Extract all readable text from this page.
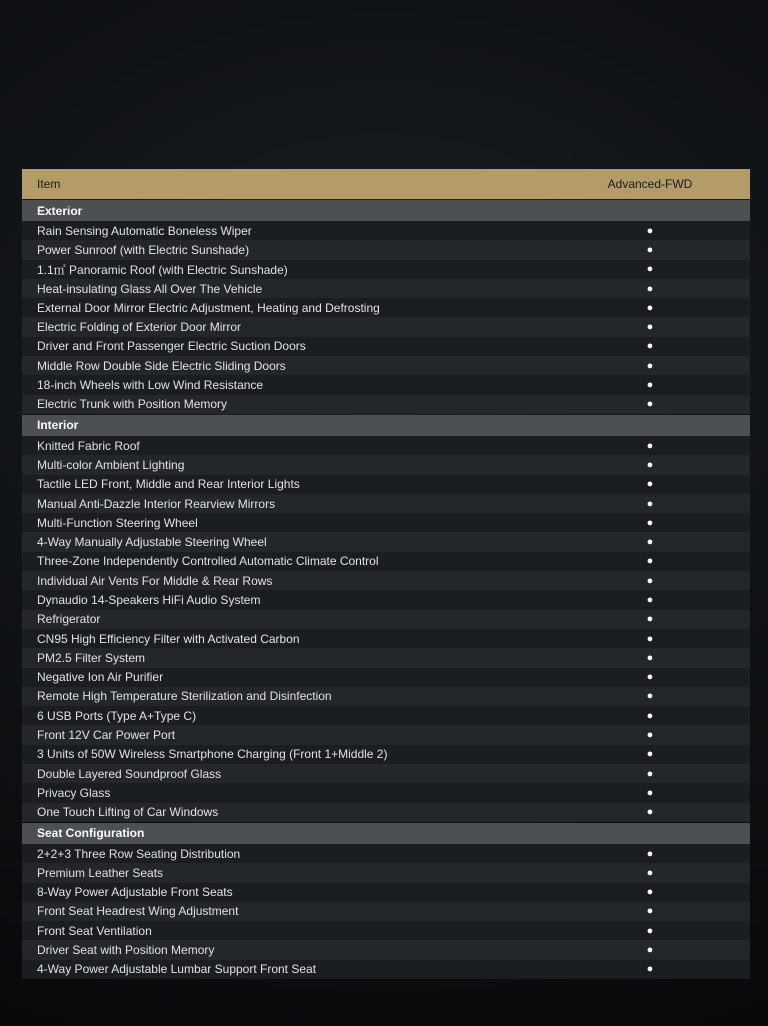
Item	Advanced-FWD
Exterior
Rain Sensing Automatic Boneless Wiper	●
Power Sunroof (with Electric Sunshade)	●
1.1㎡ Panoramic Roof (with Electric Sunshade)	●
Heat-insulating Glass All Over The Vehicle	●
External Door Mirror Electric Adjustment, Heating and Defrosting	●
Electric Folding of Exterior Door Mirror	●
Driver and Front Passenger Electric Suction Doors	●
Middle Row Double Side Electric Sliding Doors	●
18-inch Wheels with Low Wind Resistance	●
Electric Trunk with Position Memory	●
Interior
Knitted Fabric Roof	●
Multi-color Ambient Lighting	●
Tactile LED Front, Middle and Rear Interior Lights	●
Manual Anti-Dazzle Interior Rearview Mirrors	●
Multi-Function Steering Wheel	●
4-Way Manually Adjustable Steering Wheel	●
Three-Zone Independently Controlled Automatic Climate Control	●
Individual Air Vents For Middle & Rear Rows	●
Dynaudio 14-Speakers HiFi Audio System	●
Refrigerator	●
CN95 High Efficiency Filter with Activated Carbon	●
PM2.5 Filter System	●
Negative Ion Air Purifier	●
Remote High Temperature Sterilization and Disinfection	●
6 USB Ports (Type A+Type C)	●
Front 12V Car Power Port	●
3 Units of 50W Wireless Smartphone Charging (Front 1+Middle 2)	●
Double Layered Soundproof Glass	●
Privacy Glass	●
One Touch Lifting of Car Windows	●
Seat Configuration
2+2+3 Three Row Seating Distribution	●
Premium Leather Seats	●
8-Way Power Adjustable Front Seats	●
Front Seat Headrest Wing Adjustment	●
Front Seat Ventilation	●
Driver Seat with Position Memory	●
4-Way Power Adjustable Lumbar Support Front Seat	●
